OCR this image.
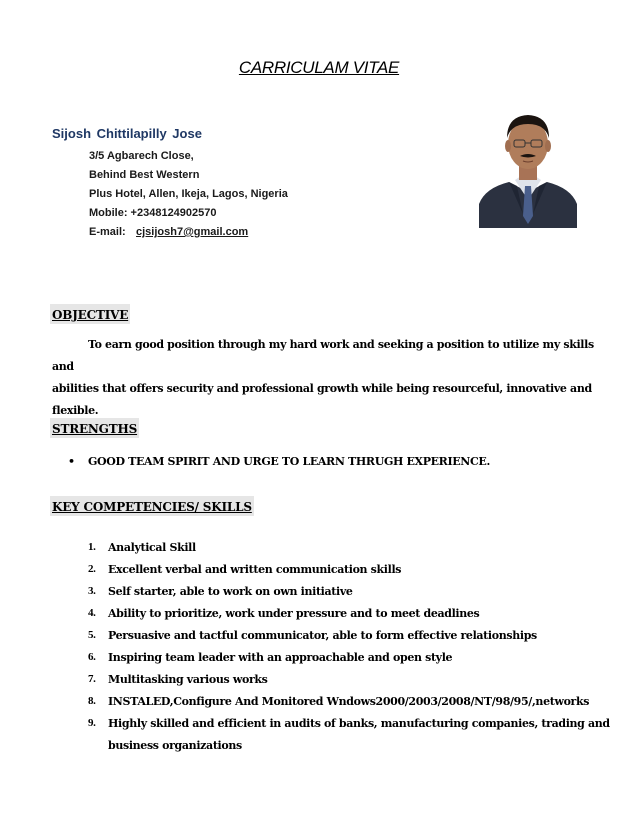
CARRICULAM VITAE
Sijosh Chittilapilly Jose
3/5 Agbarech Close,
Behind Best Western
Plus Hotel, Allen, Ikeja, Lagos, Nigeria
Mobile: +2348124902570
E-mail: cjsijosh7@gmail.com
OBJECTIVE
To earn good position through my hard work and seeking a position to utilize my skills and
abilities that offers security and professional growth while being resourceful, innovative and
flexible.
STRENGTHS
• GOOD TEAM SPIRIT AND URGE TO LEARN THRUGH EXPERIENCE.
KEY COMPETENCIES/ SKILLS
1.	Analytical Skill
2.	Excellent verbal and written communication skills
3.	Self starter, able to work on own initiative
4.	Ability to prioritize, work under pressure and to meet deadlines
5.	Persuasive and tactful communicator, able to form effective relationships
6.	Inspiring team leader with an approachable and open style
7.	Multitasking various works
8.	INSTALED,Configure And Monitored Wndows2000/2003/2008/NT/98/95/,networks
9.	Highly skilled and efficient in audits of banks, manufacturing companies, trading and
business organizations
